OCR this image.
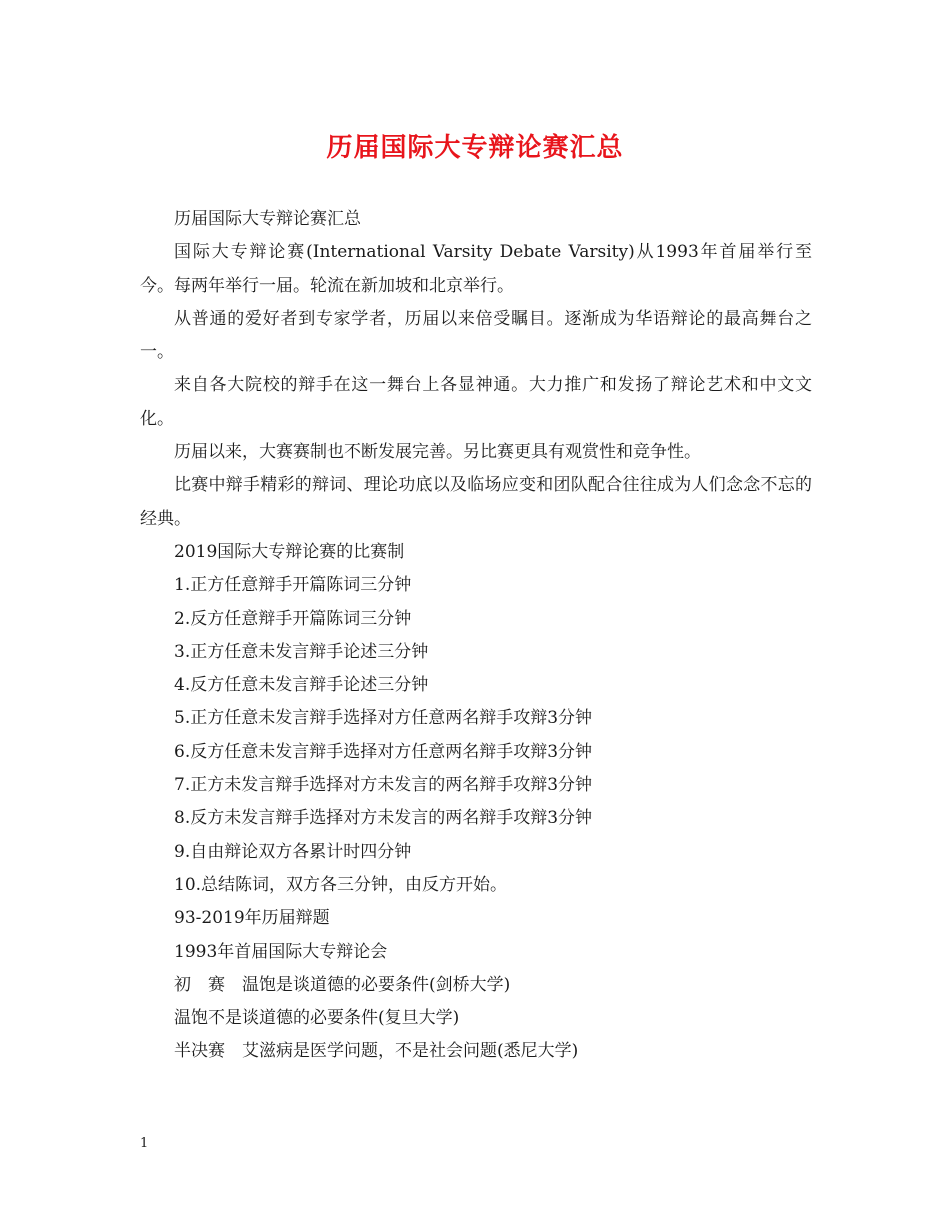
历届国际大专辩论赛汇总

历届国际大专辩论赛汇总

国际大专辩论赛(International Varsity Debate Varsity)从1993年首届举行至今。每两年举行一届。轮流在新加坡和北京举行。

从普通的爱好者到专家学者，历届以来倍受瞩目。逐渐成为华语辩论的最高舞台之一。

来自各大院校的辩手在这一舞台上各显神通。大力推广和发扬了辩论艺术和中文文化。

历届以来，大赛赛制也不断发展完善。另比赛更具有观赏性和竞争性。

比赛中辩手精彩的辩词、理论功底以及临场应变和团队配合往往成为人们念念不忘的经典。

2019国际大专辩论赛的比赛制

1.正方任意辩手开篇陈词三分钟

2.反方任意辩手开篇陈词三分钟

3.正方任意未发言辩手论述三分钟

4.反方任意未发言辩手论述三分钟

5.正方任意未发言辩手选择对方任意两名辩手攻辩3分钟

6.反方任意未发言辩手选择对方任意两名辩手攻辩3分钟

7.正方未发言辩手选择对方未发言的两名辩手攻辩3分钟

8.反方未发言辩手选择对方未发言的两名辩手攻辩3分钟

9.自由辩论双方各累计时四分钟

10.总结陈词，双方各三分钟，由反方开始。

93-2019年历届辩题

1993年首届国际大专辩论会

初　赛　温饱是谈道德的必要条件(剑桥大学)

温饱不是谈道德的必要条件(复旦大学)

半决赛　艾滋病是医学问题，不是社会问题(悉尼大学)

1
